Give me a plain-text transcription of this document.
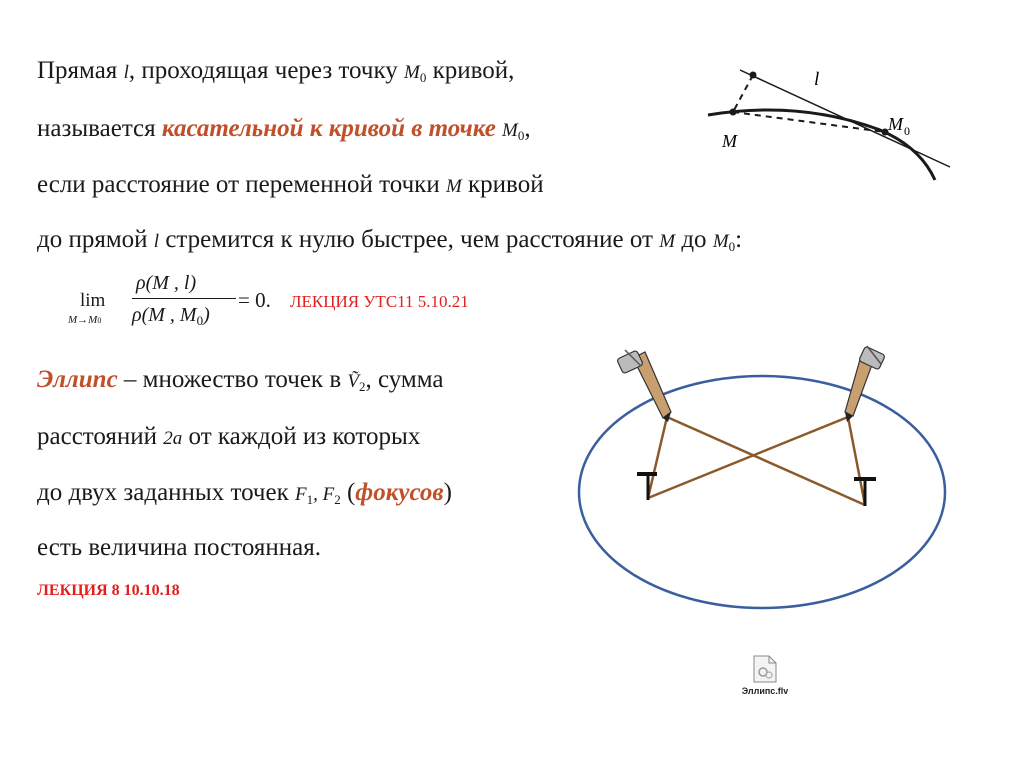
Прямая l, проходящая через точку $M_0$ кривой,
называется касательной к кривой в точке $M_0$,
если расстояние от переменной точки M кривой
до прямой l стремится к нулю быстрее, чем расстояние от M до $M_0$:
lim
M→M0
ρ(M , l)
ρ(M , $M_0$)
= 0. ЛЕКЦИЯ УТС11 5.10.21
l
M
M 0
Эллипс – множество точек в Ṽ$_2$, сумма
расстояний 2a от каждой из которых
до двух заданных точек $F_1$, $F_2$ (фокусов)
есть величина постоянная.
ЛЕКЦИЯ 8 10.10.18
Эллипс.flv
